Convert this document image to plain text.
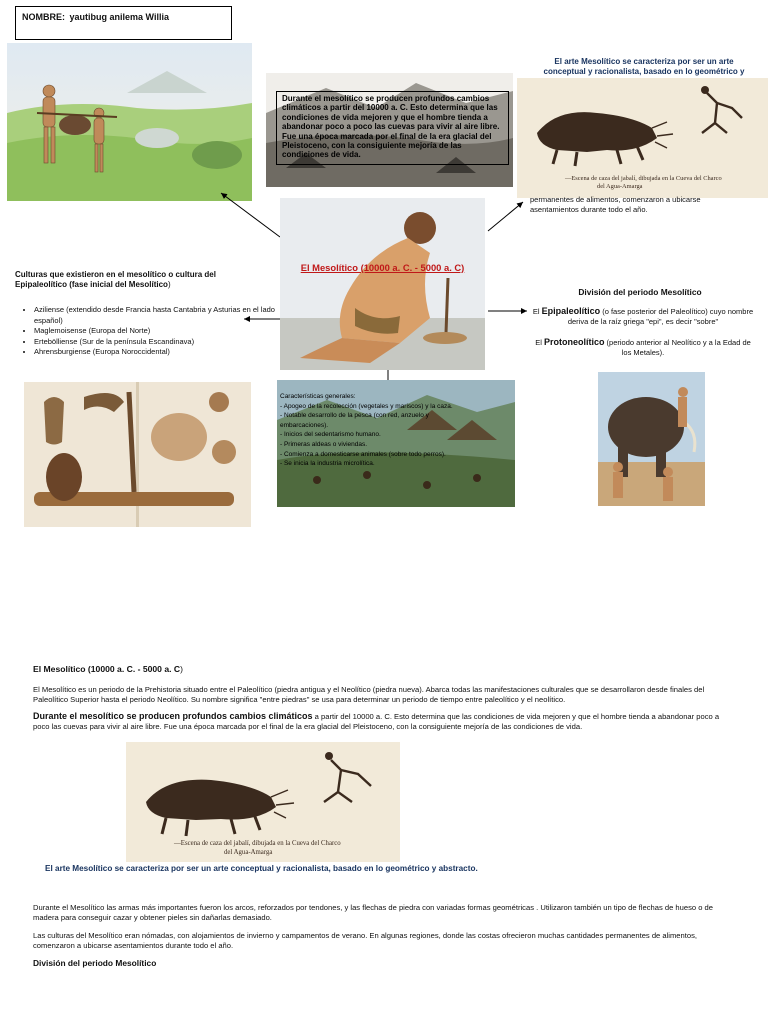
NOMBRE: yautibug anilema Willia
Durante el mesolítico se producen profundos cambios climáticos a partir del 10000 a. C. Esto determina que las condiciones de vida mejoren y que el hombre tienda a abandonar poco a poco las cuevas para vivir al aire libre. Fue una época marcada por el final de la era glacial del Pleistoceno, con la consiguiente mejoría de las condiciones de vida.
El arte Mesolítico se caracteriza por ser un arte conceptual y racionalista, basado en lo geométrico y
—Escena de caza del jabalí, dibujada en la Cueva del Charco
del Agua-Amarga
permanentes de alimentos, comenzaron a ubicarse
asentamientos durante todo el año.
El Mesolítico (10000 a. C. - 5000 a. C)
Culturas que existieron en el mesolítico o cultura del
Epipaleolítico (fase inicial del Mesolítico)
• Aziliense (extendido desde Francia hasta Cantabria y Asturias en el lado español)
• Maglemoisense (Europa del Norte)
• Ertebölliense (Sur de la península Escandinava)
• Ahrensburgiense (Europa Noroccidental)
Características generales:
- Apogeo de la recolección (vegetales y mariscos) y la caza.
- Notable desarrollo de la pesca (con red, anzuelo y
embarcaciones).
- Inicios del sedentarismo humano.
- Primeras aldeas o viviendas.
- Comienza a domesticarse animales (sobre todo perros).
- Se inicia la industria microlítica.
División del periodo Mesolítico
El Epipaleolítico (o fase posterior del Paleolítico) cuyo nombre deriva de la raíz griega "epi", es decir "sobre"
El Protoneolítico (periodo anterior al Neolítico y a la Edad de los Metales).
El Mesolítico (10000 a. C. - 5000 a. C)
El Mesolítico es un periodo de la Prehistoria situado entre el Paleolítico (piedra antigua y el Neolítico (piedra nueva). Abarca todas las manifestaciones culturales que se desarrollaron desde finales del Paleolítico Superior hasta el periodo Neolítico. Su nombre significa "entre piedras" se usa para determinar un periodo de tiempo entre paleolítico y el neolítico.
Durante el mesolítico se producen profundos cambios climáticos a partir del 10000 a. C. Esto determina que las condiciones de vida mejoren y que el hombre tienda a abandonar poco a poco las cuevas para vivir al aire libre. Fue una época marcada por el final de la era glacial del Pleistoceno, con la consiguiente mejoría de las condiciones de vida.
—Escena de caza del jabalí, dibujada en la Cueva del Charco
del Agua-Amarga
El arte Mesolítico se caracteriza por ser un arte conceptual y racionalista, basado en lo geométrico y abstracto.
Durante el Mesolítico las armas más importantes fueron los arcos, reforzados por tendones, y las flechas de piedra con variadas formas geométricas . Utilizaron también un tipo de flechas de hueso o de madera para conseguir cazar y obtener pieles sin dañarlas demasiado.
Las culturas del Mesolítico eran nómadas, con alojamientos de invierno y campamentos de verano. En algunas regiones, donde las costas ofrecieron muchas cantidades permanentes de alimentos, comenzaron a ubicarse asentamientos durante todo el año.
División del periodo Mesolítico
